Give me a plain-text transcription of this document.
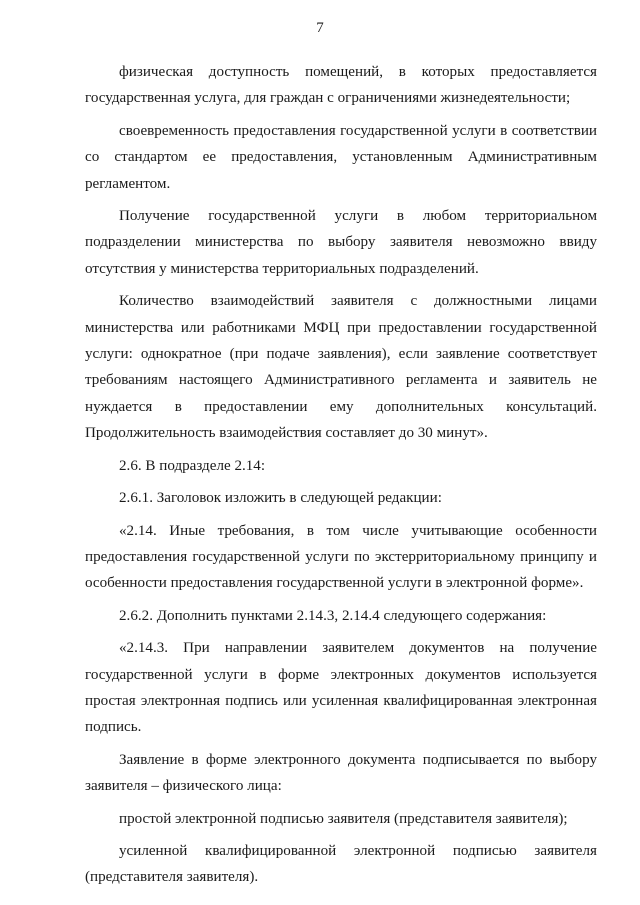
7

физическая доступность помещений, в которых предоставляется государственная услуга, для граждан с ограничениями жизнедеятельности;

своевременность предоставления государственной услуги в соответствии со стандартом ее предоставления, установленным Административным регламентом.

Получение государственной услуги в любом территориальном подразделении министерства по выбору заявителя невозможно ввиду отсутствия у министерства территориальных подразделений.

Количество взаимодействий заявителя с должностными лицами министерства или работниками МФЦ при предоставлении государственной услуги: однократное (при подаче заявления), если заявление соответствует требованиям настоящего Административного регламента и заявитель не нуждается в предоставлении ему дополнительных консультаций. Продолжительность взаимодействия составляет до 30 минут».

2.6. В подразделе 2.14:

2.6.1. Заголовок изложить в следующей редакции:

«2.14. Иные требования, в том числе учитывающие особенности предоставления государственной услуги по экстерриториальному принципу и особенности предоставления государственной услуги в электронной форме».

2.6.2. Дополнить пунктами 2.14.3, 2.14.4 следующего содержания:

«2.14.3. При направлении заявителем документов на получение государственной услуги в форме электронных документов используется простая электронная подпись или усиленная квалифицированная электронная подпись.

Заявление в форме электронного документа подписывается по выбору заявителя – физического лица:

простой электронной подписью заявителя (представителя заявителя);

усиленной квалифицированной электронной подписью заявителя (представителя заявителя).
